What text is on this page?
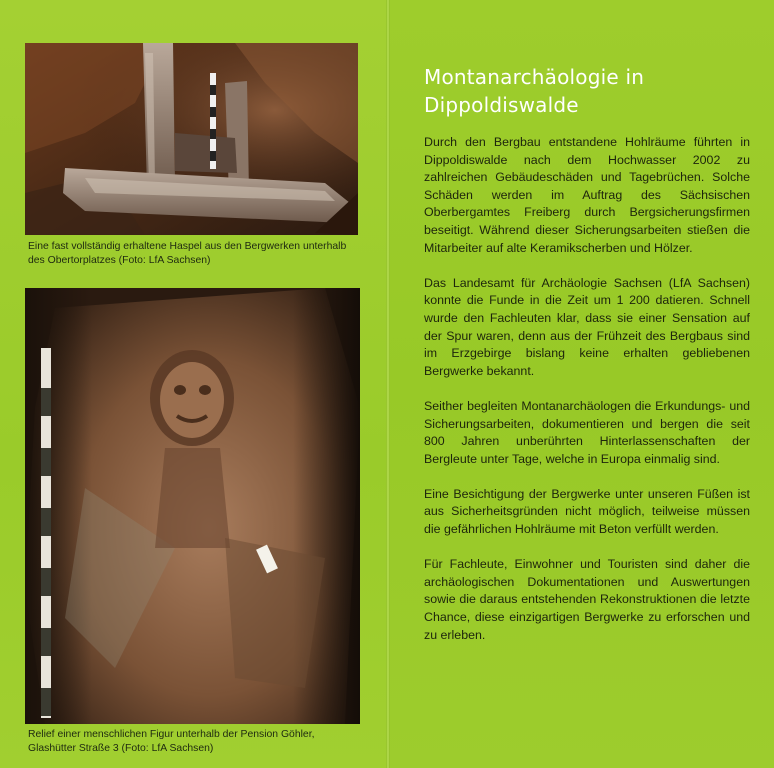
Eine fast vollständig erhaltene Haspel aus den Bergwerken unterhalb des Obertorplatzes (Foto: LfA Sachsen)
Relief einer menschlichen Figur unterhalb der Pension Göhler, Glashütter Straße 3 (Foto: LfA Sachsen)
Montanarchäologie in
Dippoldiswalde

Durch den Bergbau entstandene Hohlräume führten in Dippoldiswalde nach dem Hochwasser 2002 zu zahlreichen Gebäudeschäden und Tagebrüchen. Solche Schäden werden im Auftrag des Sächsischen Oberbergamtes Freiberg durch Bergsicherungsfirmen beseitigt. Während dieser Sicherungsarbeiten stießen die Mitarbeiter auf alte Keramikscherben und Hölzer.

Das Landesamt für Archäologie Sachsen (LfA Sachsen) konnte die Funde in die Zeit um 1 200 datieren. Schnell wurde den Fachleuten klar, dass sie einer Sensation auf der Spur waren, denn aus der Frühzeit des Bergbaus sind im Erzgebirge bislang keine erhalten gebliebenen Bergwerke bekannt.

Seither begleiten Montanarchäologen die Erkundungs- und Sicherungsarbeiten, dokumentieren und bergen die seit 800 Jahren unberührten Hinterlassenschaften der Bergleute unter Tage, welche in Europa einmalig sind.

Eine Besichtigung der Bergwerke unter unseren Füßen ist aus Sicherheitsgründen nicht möglich, teilweise müssen die gefährlichen Hohlräume mit Beton verfüllt werden.

Für Fachleute, Einwohner und Touristen sind daher die archäologischen Dokumentationen und Auswertungen sowie die daraus entstehenden Rekonstruktionen die letzte Chance, diese einzigartigen Bergwerke zu erforschen und zu erleben.
